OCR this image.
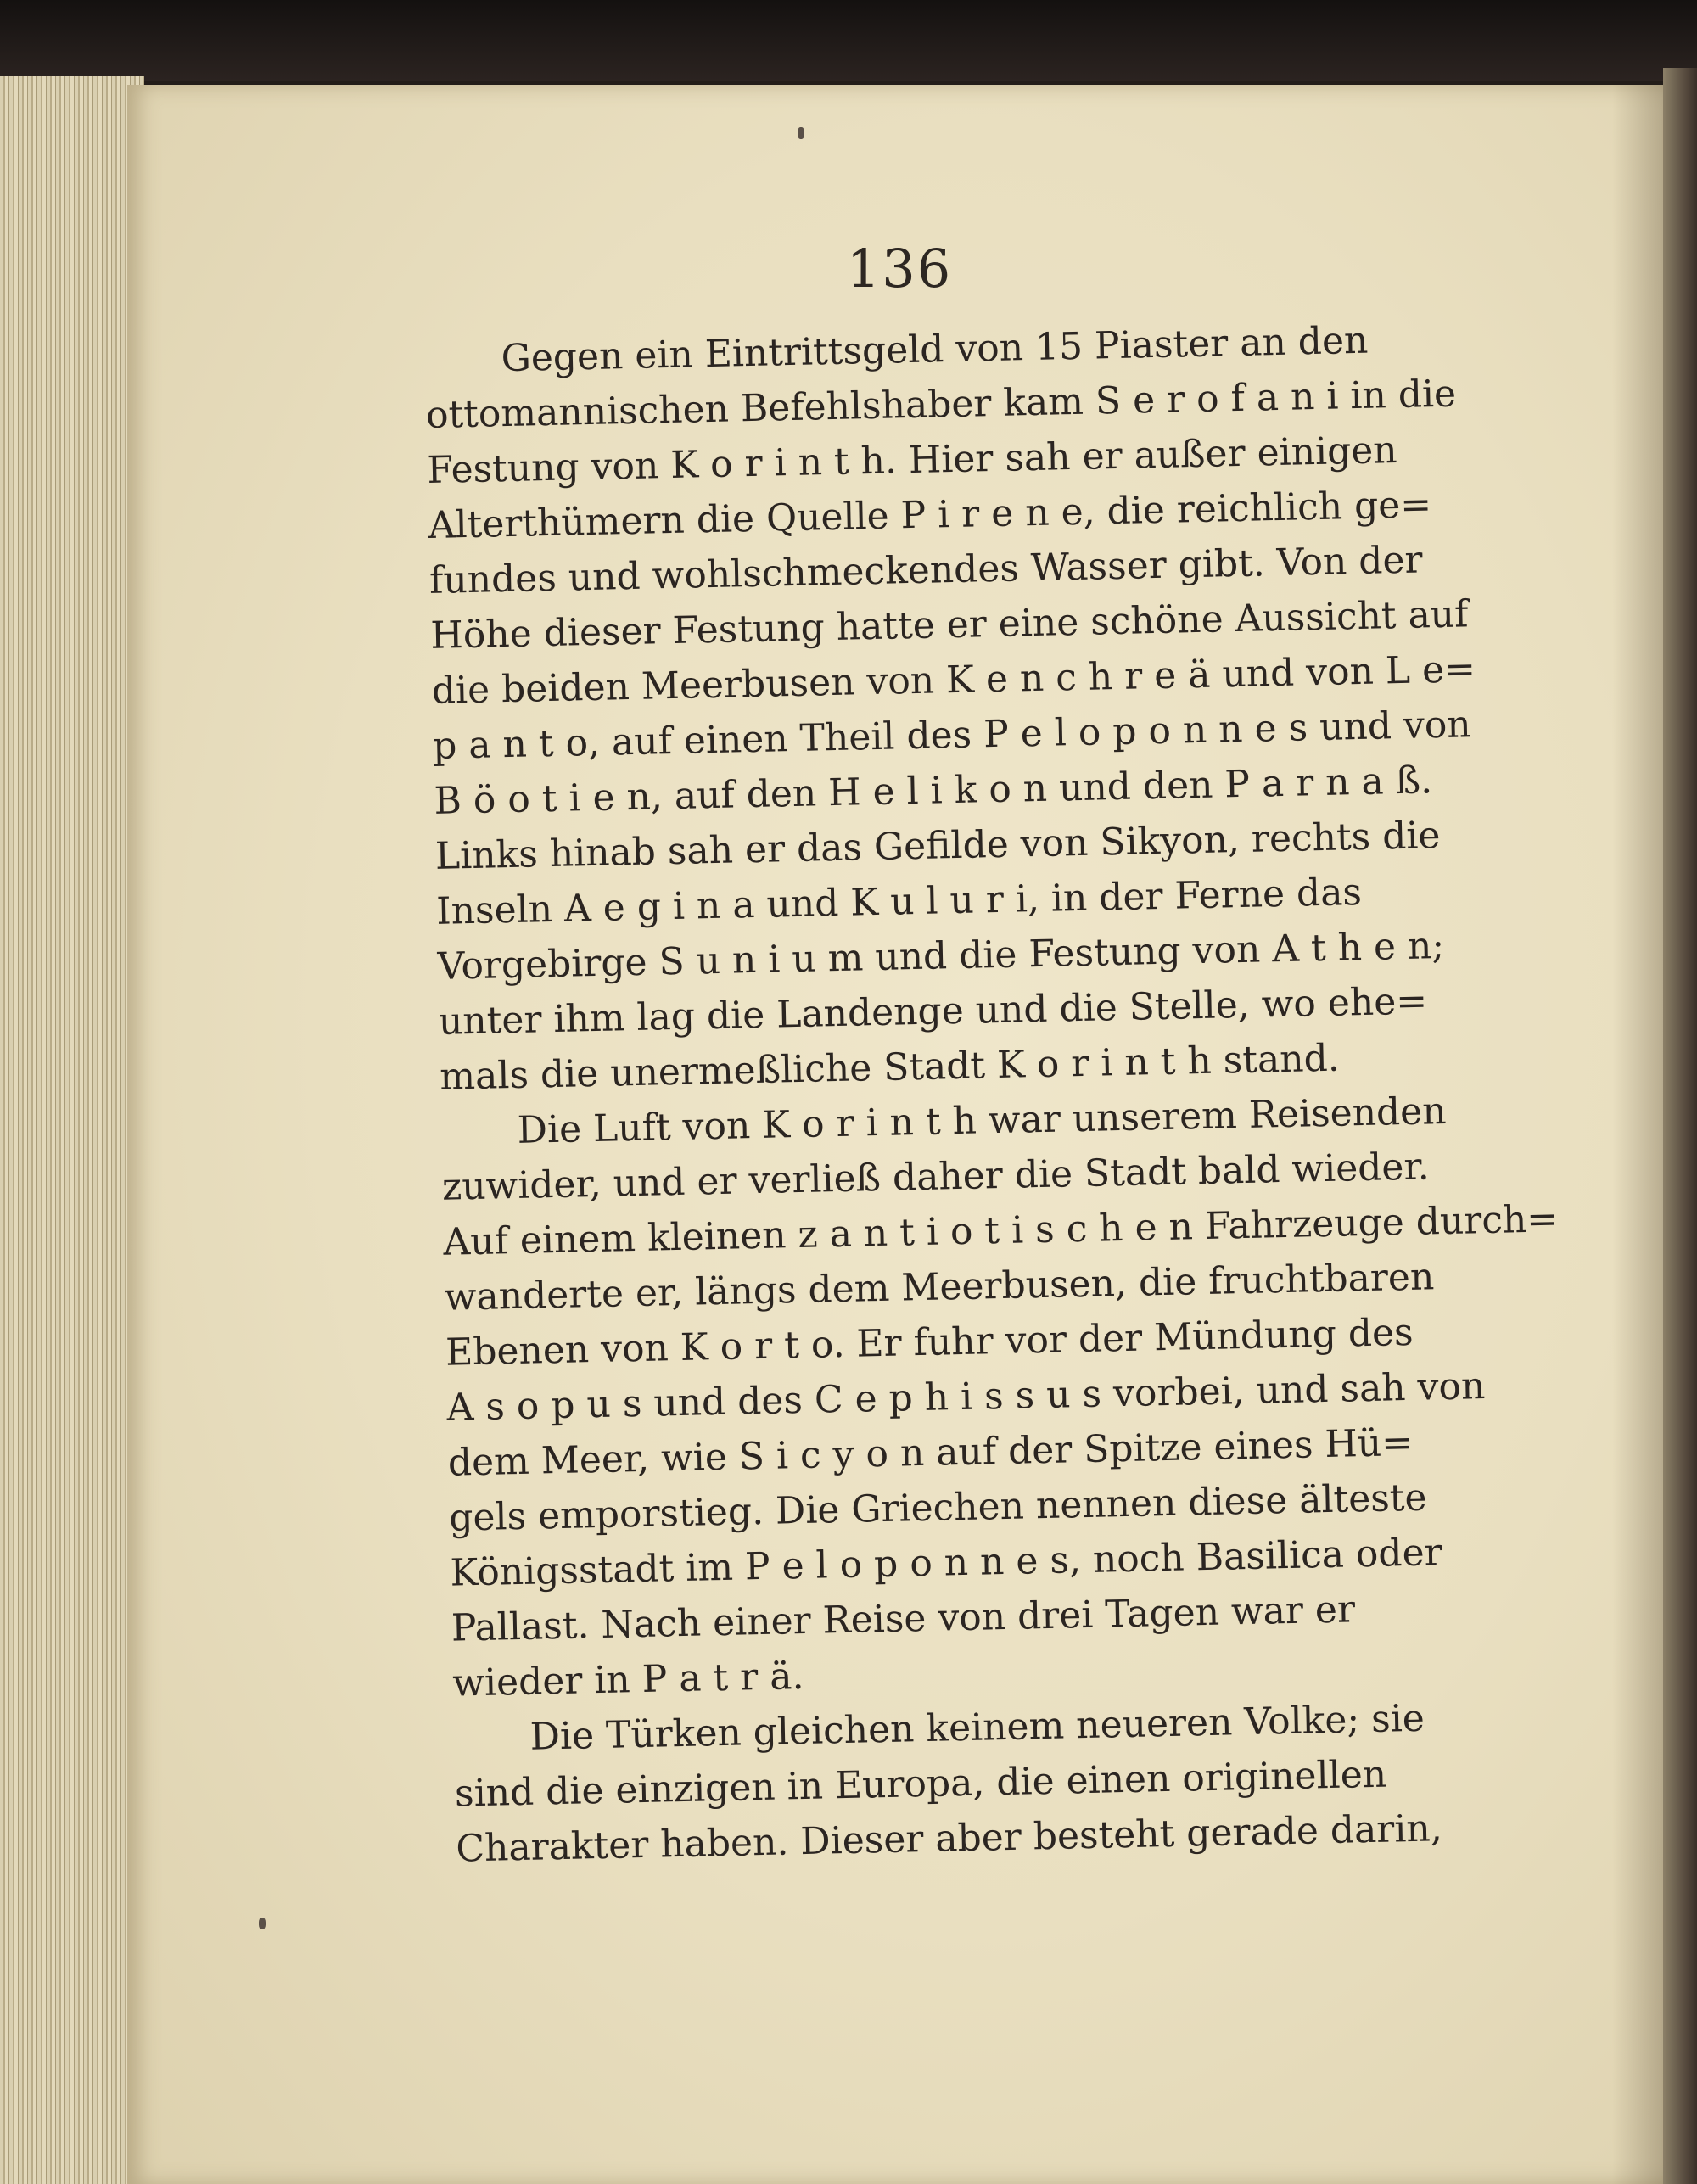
136
Gegen ein Eintrittsgeld von 15 Piaster an den
ottomannischen Befehlshaber kam S e r o f a n i in die
Festung von K o r i n t h. Hier sah er außer einigen
Alterthümern die Quelle P i r e n e, die reichlich ge=
fundes und wohlschmeckendes Wasser gibt. Von der
Höhe dieser Festung hatte er eine schöne Aussicht auf
die beiden Meerbusen von K e n c h r e ä und von L e=
p a n t o, auf einen Theil des P e l o p o n n e s und von
B ö o t i e n, auf den H e l i k o n und den P a r n a ß.
Links hinab sah er das Gefilde von Sikyon, rechts die
Inseln A e g i n a und K u l u r i, in der Ferne das
Vorgebirge S u n i u m und die Festung von A t h e n;
unter ihm lag die Landenge und die Stelle, wo ehe=
mals die unermeßliche Stadt K o r i n t h stand.
Die Luft von K o r i n t h war unserem Reisenden
zuwider, und er verließ daher die Stadt bald wieder.
Auf einem kleinen z a n t i o t i s c h e n Fahrzeuge durch=
wanderte er, längs dem Meerbusen, die fruchtbaren
Ebenen von K o r t o. Er fuhr vor der Mündung des
A s o p u s und des C e p h i s s u s vorbei, und sah von
dem Meer, wie S i c y o n auf der Spitze eines Hü=
gels emporstieg. Die Griechen nennen diese älteste
Königsstadt im P e l o p o n n e s, noch Basilica oder
Pallast. Nach einer Reise von drei Tagen war er
wieder in P a t r ä.
Die Türken gleichen keinem neueren Volke; sie
sind die einzigen in Europa, die einen originellen
Charakter haben. Dieser aber besteht gerade darin,
